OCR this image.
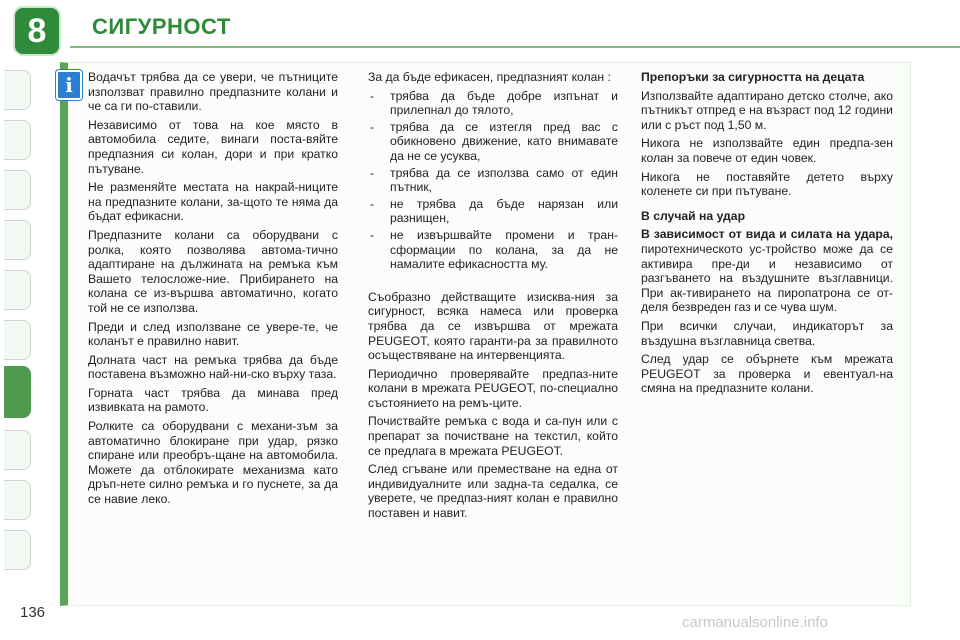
8	СИГУРНОСТ
i	Водачът трябва да се увери, че пътниците използват правилно предпазните колани и че са ги по-ставили.

Независимо от това на кое място в автомобила седите, винаги поста-вяйте предпазния си колан, дори и при кратко пътуване.

Не разменяйте местата на накрай-ниците на предпазните колани, за-щото те няма да бъдат ефикасни.

Предпазните колани са оборудвани с ролка, която позволява автома-тично адаптиране на дължината на ремъка към Вашето телосложе-ние. Прибирането на колана се из-вършва автоматично, когато той не се използва.

Преди и след използване се увере-те, че коланът е правилно навит.

Долната част на ремъка трябва да бъде поставена възможно най-ни-ско върху таза.

Горната част трябва да минава пред извивката на рамото.

Ролките са оборудвани с механи-зъм за автоматично блокиране при удар, рязко спиране или преобръ-щане на автомобила. Можете да отблокирате механизма като дръп-нете силно ремъка и го пуснете, за да се навие леко.

За да бъде ефикасен, предпазният колан :

- трябва да бъде добре изпънат и прилепнал до тялото,
- трябва да се изтегля пред вас с обикновено движение, като внимавате да не се усуква,
- трябва да се използва само от един пътник,
- не трябва да бъде нарязан или разнищен,
- не извършвайте промени и тран-сформации по колана, за да не намалите ефикасността му.

Съобразно действащите изисква-ния за сигурност, всяка намеса или проверка трябва да се извършва от мрежата PEUGEOT, която гаранти-ра за правилното осъществяване на интервенцията.

Периодично проверявайте предпаз-ните колани в мрежата PEUGEOT, по-специално състоянието на ремъ-ците.

Почиствайте ремъка с вода и са-пун или с препарат за почистване на текстил, който се предлага в мрежата PEUGEOT.

След сгъване или преместване на една от индивидуалните или задна-та седалка, се уверете, че предпаз-ният колан е правилно поставен и навит.

Препоръки за сигурността на децата

Използвайте адаптирано детско столче, ако пътникът отпред е на възраст под 12 години или с ръст под 1,50 м.

Никога не използвайте един предпа-зен колан за повече от един човек.

Никога не поставяйте детето върху коленете си при пътуване.

В случай на удар

В зависимост от вида и силата на удара, пиротехническото ус-тройство може да се активира пре-ди и независимо от разгъването на въздушните възглавници. При ак-тивирането на пиропатрона се от-деля безвреден газ и се чува шум.

При всички случаи, индикаторът за въздушна възглавница светва.

След удар се обърнете към мрежата PEUGEOT за проверка и евентуал-на смяна на предпазните колани.

136
carmanualsonline.info
